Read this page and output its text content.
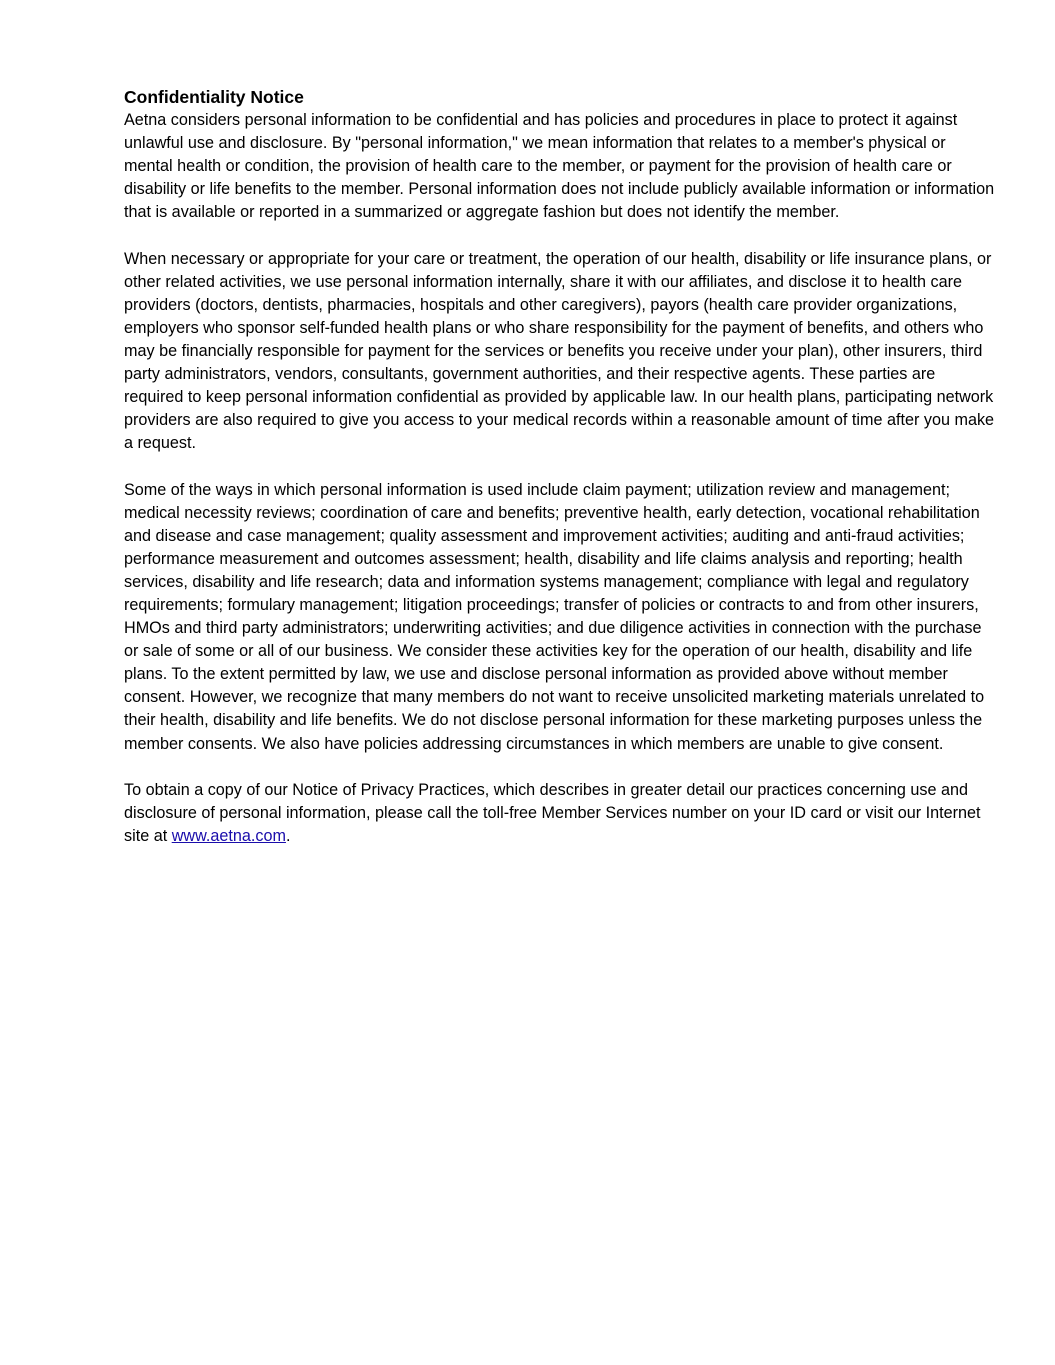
Confidentiality Notice

Aetna considers personal information to be confidential and has policies and procedures in place to protect it against unlawful use and disclosure. By "personal information," we mean information that relates to a member's physical or mental health or condition, the provision of health care to the member, or payment for the provision of health care or disability or life benefits to the member. Personal information does not include publicly available information or information that is available or reported in a summarized or aggregate fashion but does not identify the member.

When necessary or appropriate for your care or treatment, the operation of our health, disability or life insurance plans, or other related activities, we use personal information internally, share it with our affiliates, and disclose it to health care providers (doctors, dentists, pharmacies, hospitals and other caregivers), payors (health care provider organizations, employers who sponsor self-funded health plans or who share responsibility for the payment of benefits, and others who may be financially responsible for payment for the services or benefits you receive under your plan), other insurers, third party administrators, vendors, consultants, government authorities, and their respective agents. These parties are required to keep personal information confidential as provided by applicable law. In our health plans, participating network providers are also required to give you access to your medical records within a reasonable amount of time after you make a request.

Some of the ways in which personal information is used include claim payment; utilization review and management; medical necessity reviews; coordination of care and benefits; preventive health, early detection, vocational rehabilitation and disease and case management; quality assessment and improvement activities; auditing and anti-fraud activities; performance measurement and outcomes assessment; health, disability and life claims analysis and reporting; health services, disability and life research; data and information systems management; compliance with legal and regulatory requirements; formulary management; litigation proceedings; transfer of policies or contracts to and from other insurers, HMOs and third party administrators; underwriting activities; and due diligence activities in connection with the purchase or sale of some or all of our business. We consider these activities key for the operation of our health, disability and life plans. To the extent permitted by law, we use and disclose personal information as provided above without member consent. However, we recognize that many members do not want to receive unsolicited marketing materials unrelated to their health, disability and life benefits. We do not disclose personal information for these marketing purposes unless the member consents. We also have policies addressing circumstances in which members are unable to give consent.

To obtain a copy of our Notice of Privacy Practices, which describes in greater detail our practices concerning use and disclosure of personal information, please call the toll-free Member Services number on your ID card or visit our Internet site at www.aetna.com.
